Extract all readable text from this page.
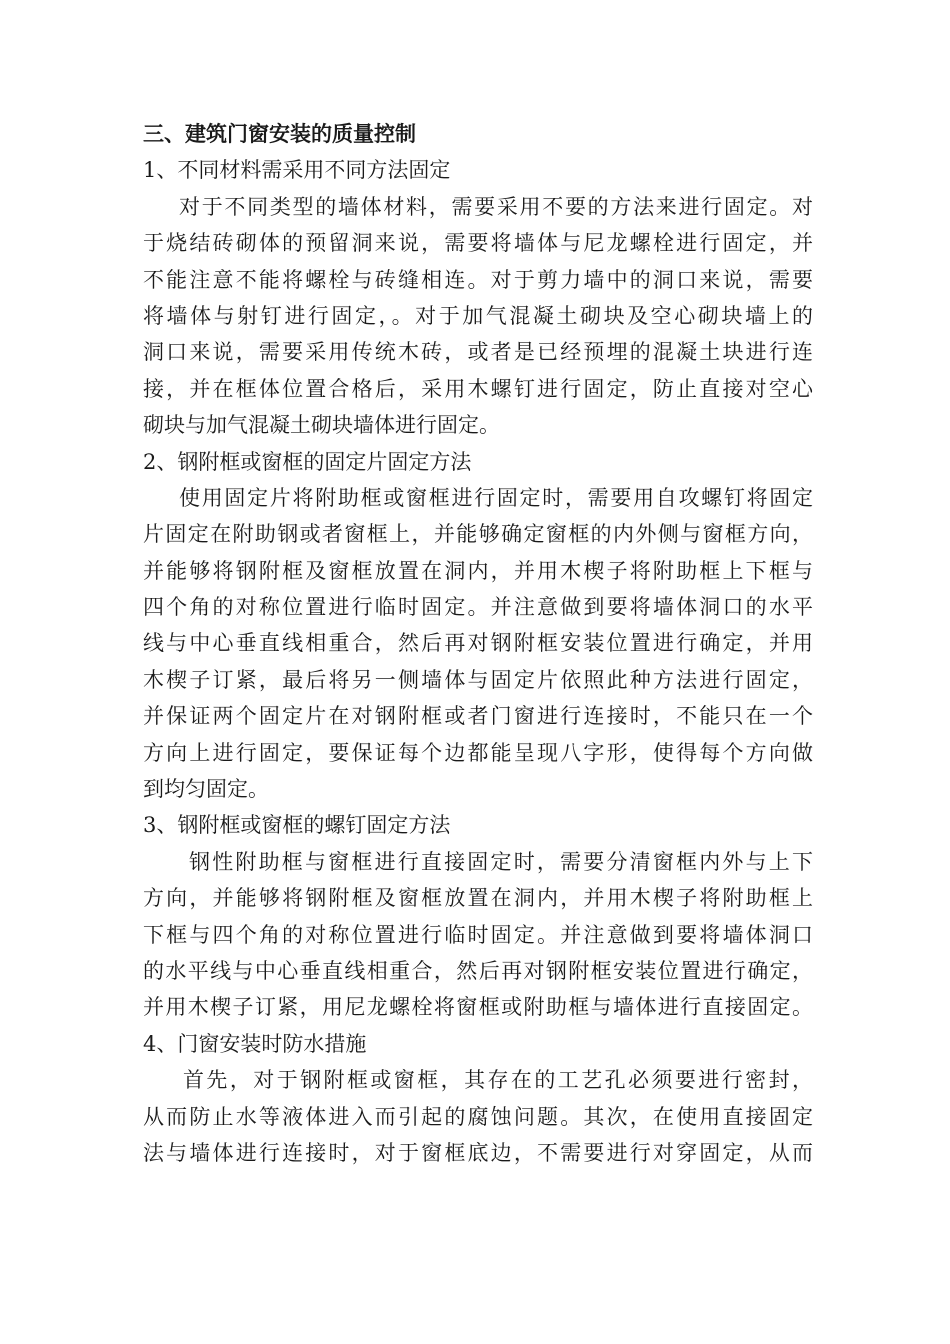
三、建筑门窗安装的质量控制
1、不同材料需采用不同方法固定
对于不同类型的墙体材料，需要采用不要的方法来进行固定。对
于烧结砖砌体的预留洞来说，需要将墙体与尼龙螺栓进行固定，并
不能注意不能将螺栓与砖缝相连。对于剪力墙中的洞口来说，需要
将墙体与射钉进行固定，。对于加气混凝土砌块及空心砌块墙上的
洞口来说，需要采用传统木砖，或者是已经预埋的混凝土块进行连
接，并在框体位置合格后，采用木螺钉进行固定，防止直接对空心
砌块与加气混凝土砌块墙体进行固定。
2、钢附框或窗框的固定片固定方法
使用固定片将附助框或窗框进行固定时，需要用自攻螺钉将固定
片固定在附助钢或者窗框上，并能够确定窗框的内外侧与窗框方向，
并能够将钢附框及窗框放置在洞内，并用木楔子将附助框上下框与
四个角的对称位置进行临时固定。并注意做到要将墙体洞口的水平
线与中心垂直线相重合，然后再对钢附框安装位置进行确定，并用
木楔子订紧，最后将另一侧墙体与固定片依照此种方法进行固定，
并保证两个固定片在对钢附框或者门窗进行连接时，不能只在一个
方向上进行固定，要保证每个边都能呈现八字形，使得每个方向做
到均匀固定。
3、钢附框或窗框的螺钉固定方法
钢性附助框与窗框进行直接固定时，需要分清窗框内外与上下
方向，并能够将钢附框及窗框放置在洞内，并用木楔子将附助框上
下框与四个角的对称位置进行临时固定。并注意做到要将墙体洞口
的水平线与中心垂直线相重合，然后再对钢附框安装位置进行确定，
并用木楔子订紧，用尼龙螺栓将窗框或附助框与墙体进行直接固定。
4、门窗安装时防水措施
首先，对于钢附框或窗框，其存在的工艺孔必须要进行密封，
从而防止水等液体进入而引起的腐蚀问题。其次，在使用直接固定
法与墙体进行连接时，对于窗框底边，不需要进行对穿固定，从而
